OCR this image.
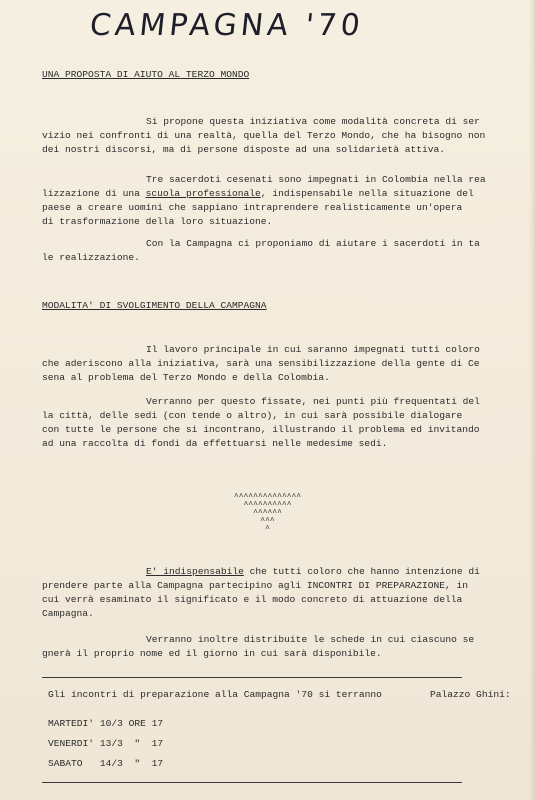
CAMPAGNA '70
UNA PROPOSTA DI AIUTO AL TERZO MONDO
Si propone questa iniziativa come modalità concreta di ser
vizio nei confronti di una realtà, quella del Terzo Mondo, che ha bisogno non
dei nostri discorsi, ma di persone disposte ad una solidarietà attiva.
Tre sacerdoti cesenati sono impegnati in Colombia nella rea
lizzazione di una scuola professionale, indispensabile nella situazione del
paese a creare uomini che sappiano intraprendere realisticamente un'opera
di trasformazione della loro situazione.
Con la Campagna ci proponiamo di aiutare i sacerdoti in ta
le realizzazione.
MODALITA' DI SVOLGIMENTO DELLA CAMPAGNA
Il lavoro principale in cui saranno impegnati tutti coloro
che aderiscono alla iniziativa, sarà una sensibilizzazione della gente di Ce
sena al problema del Terzo Mondo e della Colombia.
Verranno per questo fissate, nei punti più frequentati del
la città, delle sedi (con tende o altro), in cui sarà possibile dialogare
con tutte le persone che si incontrano, illustrando il problema ed invitando
ad una raccolta di fondi da effettuarsi nelle medesime sedi.
^^^^^^^^^^^^^^
^^^^^^^^^^
^^^^^^
^^^
^
E' indispensabile che tutti coloro che hanno intenzione di
prendere parte alla Campagna partecipino agli INCONTRI DI PREPARAZIONE, in
cui verrà esaminato il significato e il modo concreto di attuazione della
Campagna.
Verranno inoltre distribuite le schede in cui ciascuno se
gnerà il proprio nome ed il giorno in cui sarà disponibile.
Gli incontri di preparazione alla Campagna '70 si terranno	Palazzo Ghini:
MARTEDI' 10/3 ORE 17
VENERDI' 13/3  "  17
SABATO   14/3  "  17
